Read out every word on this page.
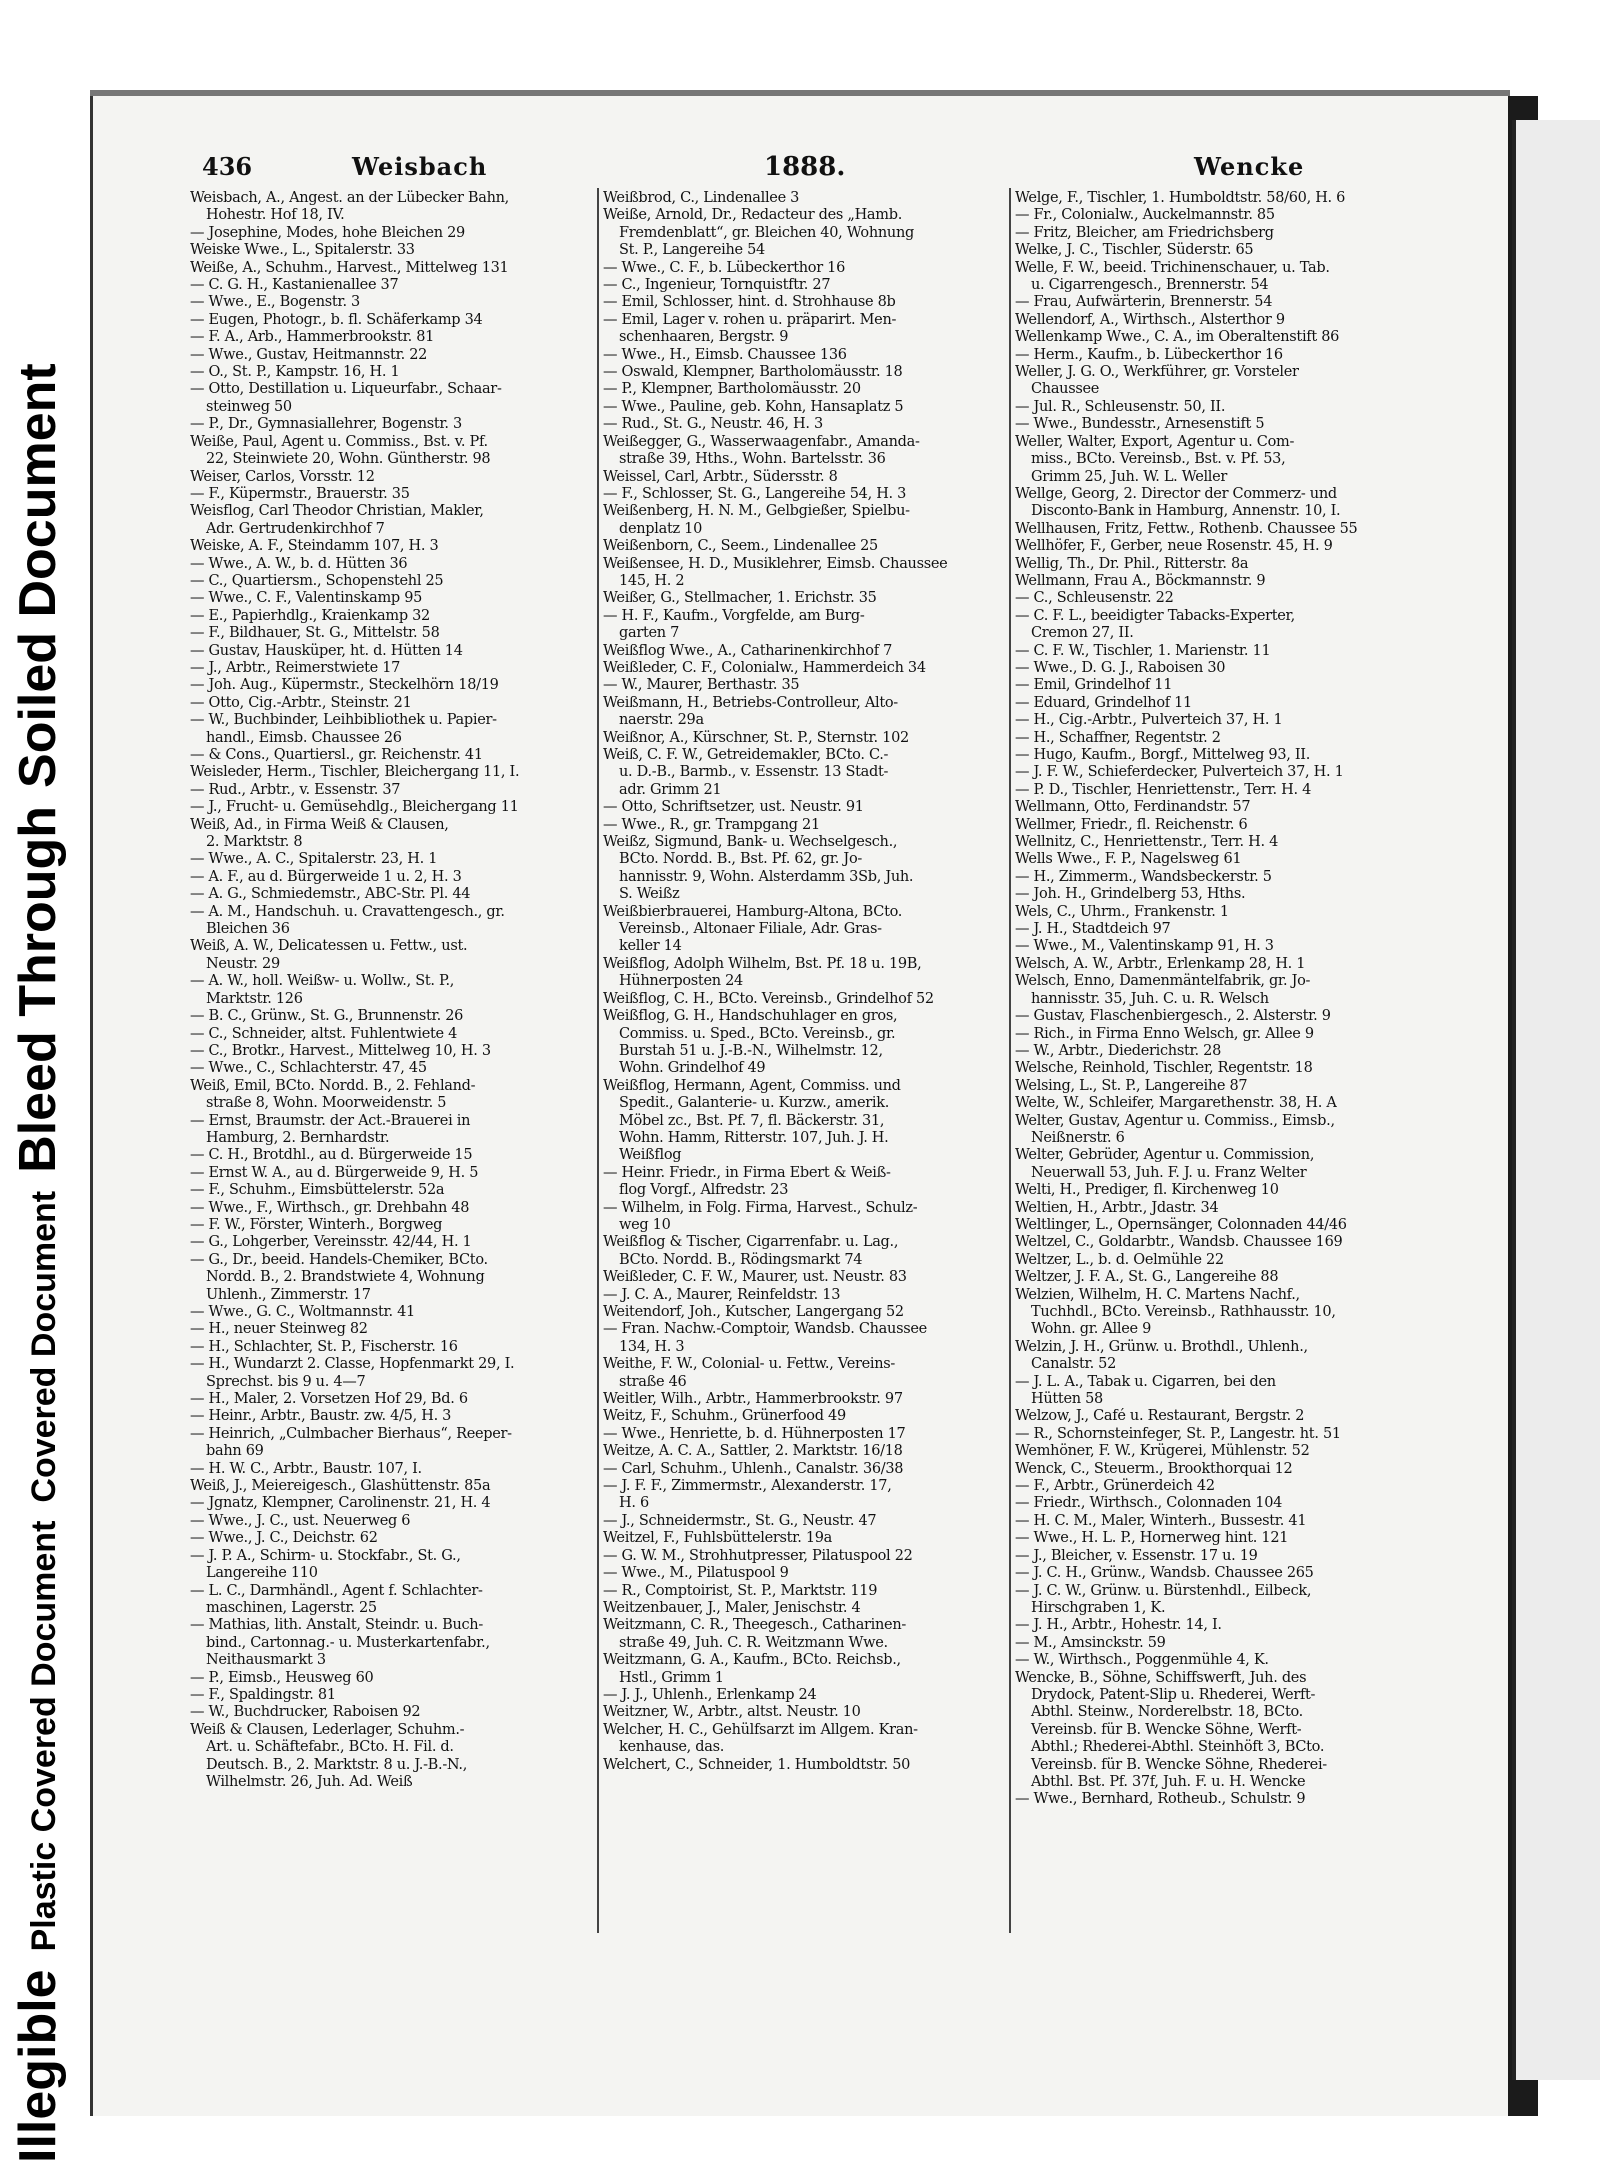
Illegible
Plastic Covered Document
Covered Document
Bleed Through
Soiled Document
436	Weisbach	1888.	Wencke
Weisbach, A., Angest. an der Lübecker Bahn,
Hohestr. Hof 18, IV.
— Josephine, Modes, hohe Bleichen 29
Weiske Wwe., L., Spitalerstr. 33
Weiße, A., Schuhm., Harvest., Mittelweg 131
— C. G. H., Kastanienallee 37
— Wwe., E., Bogenstr. 3
— Eugen, Photogr., b. fl. Schäferkamp 34
— F. A., Arb., Hammerbrookstr. 81
— Wwe., Gustav, Heitmannstr. 22
— O., St. P., Kampstr. 16, H. 1
— Otto, Destillation u. Liqueurfabr., Schaar-
steinweg 50
— P., Dr., Gymnasiallehrer, Bogenstr. 3
Weiße, Paul, Agent u. Commiss., Bst. v. Pf.
22, Steinwiete 20, Wohn. Güntherstr. 98
Weiser, Carlos, Vorsstr. 12
— F., Küpermstr., Brauerstr. 35
Weisflog, Carl Theodor Christian, Makler,
Adr. Gertrudenkirchhof 7
Weiske, A. F., Steindamm 107, H. 3
— Wwe., A. W., b. d. Hütten 36
— C., Quartiersm., Schopenstehl 25
— Wwe., C. F., Valentinskamp 95
— E., Papierhdlg., Kraienkamp 32
— F., Bildhauer, St. G., Mittelstr. 58
— Gustav, Hausküper, ht. d. Hütten 14
— J., Arbtr., Reimerstwiete 17
— Joh. Aug., Küpermstr., Steckelhörn 18/19
— Otto, Cig.-Arbtr., Steinstr. 21
— W., Buchbinder, Leihbibliothek u. Papier-
handl., Eimsb. Chaussee 26
— & Cons., Quartiersl., gr. Reichenstr. 41
Weisleder, Herm., Tischler, Bleichergang 11, I.
— Rud., Arbtr., v. Essenstr. 37
— J., Frucht- u. Gemüsehdlg., Bleichergang 11
Weiß, Ad., in Firma Weiß & Clausen,
2. Marktstr. 8
— Wwe., A. C., Spitalerstr. 23, H. 1
— A. F., au d. Bürgerweide 1 u. 2, H. 3
— A. G., Schmiedemstr., ABC-Str. Pl. 44
— A. M., Handschuh. u. Cravattengesch., gr.
Bleichen 36
Weiß, A. W., Delicatessen u. Fettw., ust.
Neustr. 29
— A. W., holl. Weißw- u. Wollw., St. P.,
Marktstr. 126
— B. C., Grünw., St. G., Brunnenstr. 26
— C., Schneider, altst. Fuhlentwiete 4
— C., Brotkr., Harvest., Mittelweg 10, H. 3
— Wwe., C., Schlachterstr. 47, 45
Weiß, Emil, BCto. Nordd. B., 2. Fehland-
straße 8, Wohn. Moorweidenstr. 5
— Ernst, Braumstr. der Act.-Brauerei in
Hamburg, 2. Bernhardstr.
— C. H., Brotdhl., au d. Bürgerweide 15
— Ernst W. A., au d. Bürgerweide 9, H. 5
— F., Schuhm., Eimsbüttelerstr. 52a
— Wwe., F., Wirthsch., gr. Drehbahn 48
— F. W., Förster, Winterh., Borgweg
— G., Lohgerber, Vereinsstr. 42/44, H. 1
— G., Dr., beeid. Handels-Chemiker, BCto.
Nordd. B., 2. Brandstwiete 4, Wohnung
Uhlenh., Zimmerstr. 17
— Wwe., G. C., Woltmannstr. 41
— H., neuer Steinweg 82
— H., Schlachter, St. P., Fischerstr. 16
— H., Wundarzt 2. Classe, Hopfenmarkt 29, I.
Sprechst. bis 9 u. 4—7
— H., Maler, 2. Vorsetzen Hof 29, Bd. 6
— Heinr., Arbtr., Baustr. zw. 4/5, H. 3
— Heinrich, „Culmbacher Bierhaus“, Reeper-
bahn 69
— H. W. C., Arbtr., Baustr. 107, I.
Weiß, J., Meiereigesch., Glashüttenstr. 85a
— Jgnatz, Klempner, Carolinenstr. 21, H. 4
— Wwe., J. C., ust. Neuerweg 6
— Wwe., J. C., Deichstr. 62
— J. P. A., Schirm- u. Stockfabr., St. G.,
Langereihe 110
— L. C., Darmhändl., Agent f. Schlachter-
maschinen, Lagerstr. 25
— Mathias, lith. Anstalt, Steindr. u. Buch-
bind., Cartonnag.- u. Musterkartenfabr.,
Neithausmarkt 3
— P., Eimsb., Heusweg 60
— F., Spaldingstr. 81
— W., Buchdrucker, Raboisen 92
Weiß & Clausen, Lederlager, Schuhm.-
Art. u. Schäftefabr., BCto. H. Fil. d.
Deutsch. B., 2. Marktstr. 8 u. J.-B.-N.,
Wilhelmstr. 26, Juh. Ad. Weiß
Weißbrod, C., Lindenallee 3
Weiße, Arnold, Dr., Redacteur des „Hamb.
Fremdenblatt“, gr. Bleichen 40, Wohnung
St. P., Langereihe 54
— Wwe., C. F., b. Lübeckerthor 16
— C., Ingenieur, Tornquistftr. 27
— Emil, Schlosser, hint. d. Strohhause 8b
— Emil, Lager v. rohen u. präparirt. Men-
schenhaaren, Bergstr. 9
— Wwe., H., Eimsb. Chaussee 136
— Oswald, Klempner, Bartholomäusstr. 18
— P., Klempner, Bartholomäusstr. 20
— Wwe., Pauline, geb. Kohn, Hansaplatz 5
— Rud., St. G., Neustr. 46, H. 3
Weißegger, G., Wasserwaagenfabr., Amanda-
straße 39, Hths., Wohn. Bartelsstr. 36
Weissel, Carl, Arbtr., Südersstr. 8
— F., Schlosser, St. G., Langereihe 54, H. 3
Weißenberg, H. N. M., Gelbgießer, Spielbu-
denplatz 10
Weißenborn, C., Seem., Lindenallee 25
Weißensee, H. D., Musiklehrer, Eimsb. Chaussee
145, H. 2
Weißer, G., Stellmacher, 1. Erichstr. 35
— H. F., Kaufm., Vorgfelde, am Burg-
garten 7
Weißflog Wwe., A., Catharinenkirchhof 7
Weißleder, C. F., Colonialw., Hammerdeich 34
— W., Maurer, Berthastr. 35
Weißmann, H., Betriebs-Controlleur, Alto-
naerstr. 29a
Weißnor, A., Kürschner, St. P., Sternstr. 102
Weiß, C. F. W., Getreidemakler, BCto. C.-
u. D.-B., Barmb., v. Essenstr. 13 Stadt-
adr. Grimm 21
— Otto, Schriftsetzer, ust. Neustr. 91
— Wwe., R., gr. Trampgang 21
Weißz, Sigmund, Bank- u. Wechselgesch.,
BCto. Nordd. B., Bst. Pf. 62, gr. Jo-
hannisstr. 9, Wohn. Alsterdamm 3Sb, Juh.
S. Weißz
Weißbierbrauerei, Hamburg-Altona, BCto.
Vereinsb., Altonaer Filiale, Adr. Gras-
keller 14
Weißflog, Adolph Wilhelm, Bst. Pf. 18 u. 19B,
Hühnerposten 24
Weißflog, C. H., BCto. Vereinsb., Grindelhof 52
Weißflog, G. H., Handschuhlager en gros,
Commiss. u. Sped., BCto. Vereinsb., gr.
Burstah 51 u. J.-B.-N., Wilhelmstr. 12,
Wohn. Grindelhof 49
Weißflog, Hermann, Agent, Commiss. und
Spedit., Galanterie- u. Kurzw., amerik.
Möbel zc., Bst. Pf. 7, fl. Bäckerstr. 31,
Wohn. Hamm, Ritterstr. 107, Juh. J. H.
Weißflog
— Heinr. Friedr., in Firma Ebert & Weiß-
flog Vorgf., Alfredstr. 23
— Wilhelm, in Folg. Firma, Harvest., Schulz-
weg 10
Weißflog & Tischer, Cigarrenfabr. u. Lag.,
BCto. Nordd. B., Rödingsmarkt 74
Weißleder, C. F. W., Maurer, ust. Neustr. 83
— J. C. A., Maurer, Reinfeldstr. 13
Weitendorf, Joh., Kutscher, Langergang 52
— Fran. Nachw.-Comptoir, Wandsb. Chaussee
134, H. 3
Weithe, F. W., Colonial- u. Fettw., Vereins-
straße 46
Weitler, Wilh., Arbtr., Hammerbrookstr. 97
Weitz, F., Schuhm., Grünerfood 49
— Wwe., Henriette, b. d. Hühnerposten 17
Weitze, A. C. A., Sattler, 2. Marktstr. 16/18
— Carl, Schuhm., Uhlenh., Canalstr. 36/38
— J. F. F., Zimmermstr., Alexanderstr. 17,
H. 6
— J., Schneidermstr., St. G., Neustr. 47
Weitzel, F., Fuhlsbüttelerstr. 19a
— G. W. M., Strohhutpresser, Pilatuspool 22
— Wwe., M., Pilatuspool 9
— R., Comptoirist, St. P., Marktstr. 119
Weitzenbauer, J., Maler, Jenischstr. 4
Weitzmann, C. R., Theegesch., Catharinen-
straße 49, Juh. C. R. Weitzmann Wwe.
Weitzmann, G. A., Kaufm., BCto. Reichsb.,
Hstl., Grimm 1
— J. J., Uhlenh., Erlenkamp 24
Weitzner, W., Arbtr., altst. Neustr. 10
Welcher, H. C., Gehülfsarzt im Allgem. Kran-
kenhause, das.
Welchert, C., Schneider, 1. Humboldtstr. 50
Welge, F., Tischler, 1. Humboldtstr. 58/60, H. 6
— Fr., Colonialw., Auckelmannstr. 85
— Fritz, Bleicher, am Friedrichsberg
Welke, J. C., Tischler, Süderstr. 65
Welle, F. W., beeid. Trichinenschauer, u. Tab.
u. Cigarrengesch., Brennerstr. 54
— Frau, Aufwärterin, Brennerstr. 54
Wellendorf, A., Wirthsch., Alsterthor 9
Wellenkamp Wwe., C. A., im Oberaltenstift 86
— Herm., Kaufm., b. Lübeckerthor 16
Weller, J. G. O., Werkführer, gr. Vorsteler
Chaussee
— Jul. R., Schleusenstr. 50, II.
— Wwe., Bundesstr., Arnesenstift 5
Weller, Walter, Export, Agentur u. Com-
miss., BCto. Vereinsb., Bst. v. Pf. 53,
Grimm 25, Juh. W. L. Weller
Wellge, Georg, 2. Director der Commerz- und
Disconto-Bank in Hamburg, Annenstr. 10, I.
Wellhausen, Fritz, Fettw., Rothenb. Chaussee 55
Wellhöfer, F., Gerber, neue Rosenstr. 45, H. 9
Wellig, Th., Dr. Phil., Ritterstr. 8a
Wellmann, Frau A., Böckmannstr. 9
— C., Schleusenstr. 22
— C. F. L., beeidigter Tabacks-Experter,
Cremon 27, II.
— C. F. W., Tischler, 1. Marienstr. 11
— Wwe., D. G. J., Raboisen 30
— Emil, Grindelhof 11
— Eduard, Grindelhof 11
— H., Cig.-Arbtr., Pulverteich 37, H. 1
— H., Schaffner, Regentstr. 2
— Hugo, Kaufm., Borgf., Mittelweg 93, II.
— J. F. W., Schieferdecker, Pulverteich 37, H. 1
— P. D., Tischler, Henriettenstr., Terr. H. 4
Wellmann, Otto, Ferdinandstr. 57
Wellmer, Friedr., fl. Reichenstr. 6
Wellnitz, C., Henriettenstr., Terr. H. 4
Wells Wwe., F. P., Nagelsweg 61
— H., Zimmerm., Wandsbeckerstr. 5
— Joh. H., Grindelberg 53, Hths.
Wels, C., Uhrm., Frankenstr. 1
— J. H., Stadtdeich 97
— Wwe., M., Valentinskamp 91, H. 3
Welsch, A. W., Arbtr., Erlenkamp 28, H. 1
Welsch, Enno, Damenmäntelfabrik, gr. Jo-
hannisstr. 35, Juh. C. u. R. Welsch
— Gustav, Flaschenbiergesch., 2. Alsterstr. 9
— Rich., in Firma Enno Welsch, gr. Allee 9
— W., Arbtr., Diederichstr. 28
Welsche, Reinhold, Tischler, Regentstr. 18
Welsing, L., St. P., Langereihe 87
Welte, W., Schleifer, Margarethenstr. 38, H. A
Welter, Gustav, Agentur u. Commiss., Eimsb.,
Neißnerstr. 6
Welter, Gebrüder, Agentur u. Commission,
Neuerwall 53, Juh. F. J. u. Franz Welter
Welti, H., Prediger, fl. Kirchenweg 10
Weltien, H., Arbtr., Jdastr. 34
Weltlinger, L., Opernsänger, Colonnaden 44/46
Weltzel, C., Goldarbtr., Wandsb. Chaussee 169
Weltzer, L., b. d. Oelmühle 22
Weltzer, J. F. A., St. G., Langereihe 88
Welzien, Wilhelm, H. C. Martens Nachf.,
Tuchhdl., BCto. Vereinsb., Rathhausstr. 10,
Wohn. gr. Allee 9
Welzin, J. H., Grünw. u. Brothdl., Uhlenh.,
Canalstr. 52
— J. L. A., Tabak u. Cigarren, bei den
Hütten 58
Welzow, J., Café u. Restaurant, Bergstr. 2
— R., Schornsteinfeger, St. P., Langestr. ht. 51
Wemhöner, F. W., Krügerei, Mühlenstr. 52
Wenck, C., Steuerm., Brookthorquai 12
— F., Arbtr., Grünerdeich 42
— Friedr., Wirthsch., Colonnaden 104
— H. C. M., Maler, Winterh., Bussestr. 41
— Wwe., H. L. P., Hornerweg hint. 121
— J., Bleicher, v. Essenstr. 17 u. 19
— J. C. H., Grünw., Wandsb. Chaussee 265
— J. C. W., Grünw. u. Bürstenhdl., Eilbeck,
Hirschgraben 1, K.
— J. H., Arbtr., Hohestr. 14, I.
— M., Amsinckstr. 59
— W., Wirthsch., Poggenmühle 4, K.
Wencke, B., Söhne, Schiffswerft, Juh. des
Drydock, Patent-Slip u. Rhederei, Werft-
Abthl. Steinw., Norderelbstr. 18, BCto.
Vereinsb. für B. Wencke Söhne, Werft-
Abthl.; Rhederei-Abthl. Steinhöft 3, BCto.
Vereinsb. für B. Wencke Söhne, Rhederei-
Abthl. Bst. Pf. 37f, Juh. F. u. H. Wencke
— Wwe., Bernhard, Rotheub., Schulstr. 9
